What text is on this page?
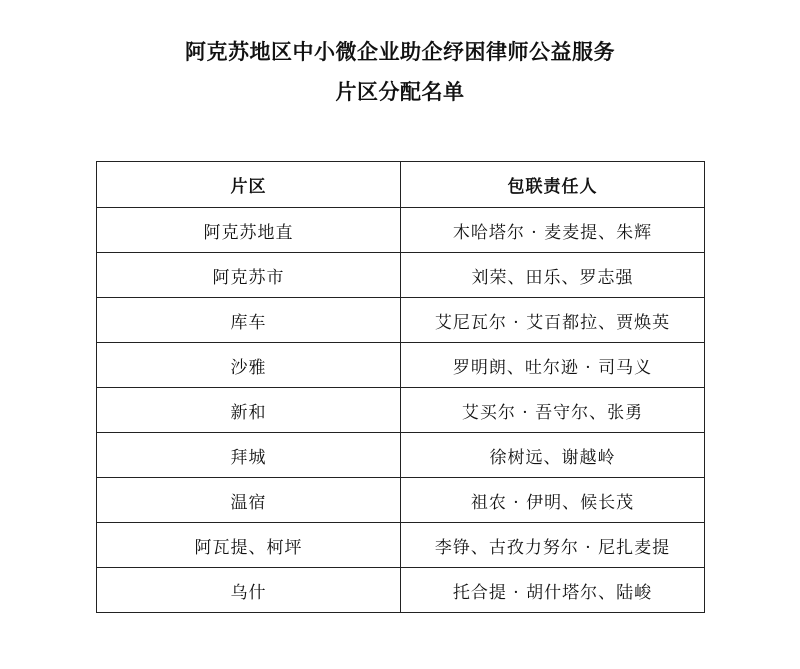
阿克苏地区中小微企业助企纾困律师公益服务
片区分配名单
片区	包联责任人
阿克苏地直	木哈塔尔 · 麦麦提、朱辉
阿克苏市	刘荣、田乐、罗志强
库车	艾尼瓦尔 · 艾百都拉、贾焕英
沙雅	罗明朗、吐尔逊 · 司马义
新和	艾买尔 · 吾守尔、张勇
拜城	徐树远、谢越岭
温宿	祖农 · 伊明、候长茂
阿瓦提、柯坪	李铮、古孜力努尔 · 尼扎麦提
乌什	托合提 · 胡什塔尔、陆峻
